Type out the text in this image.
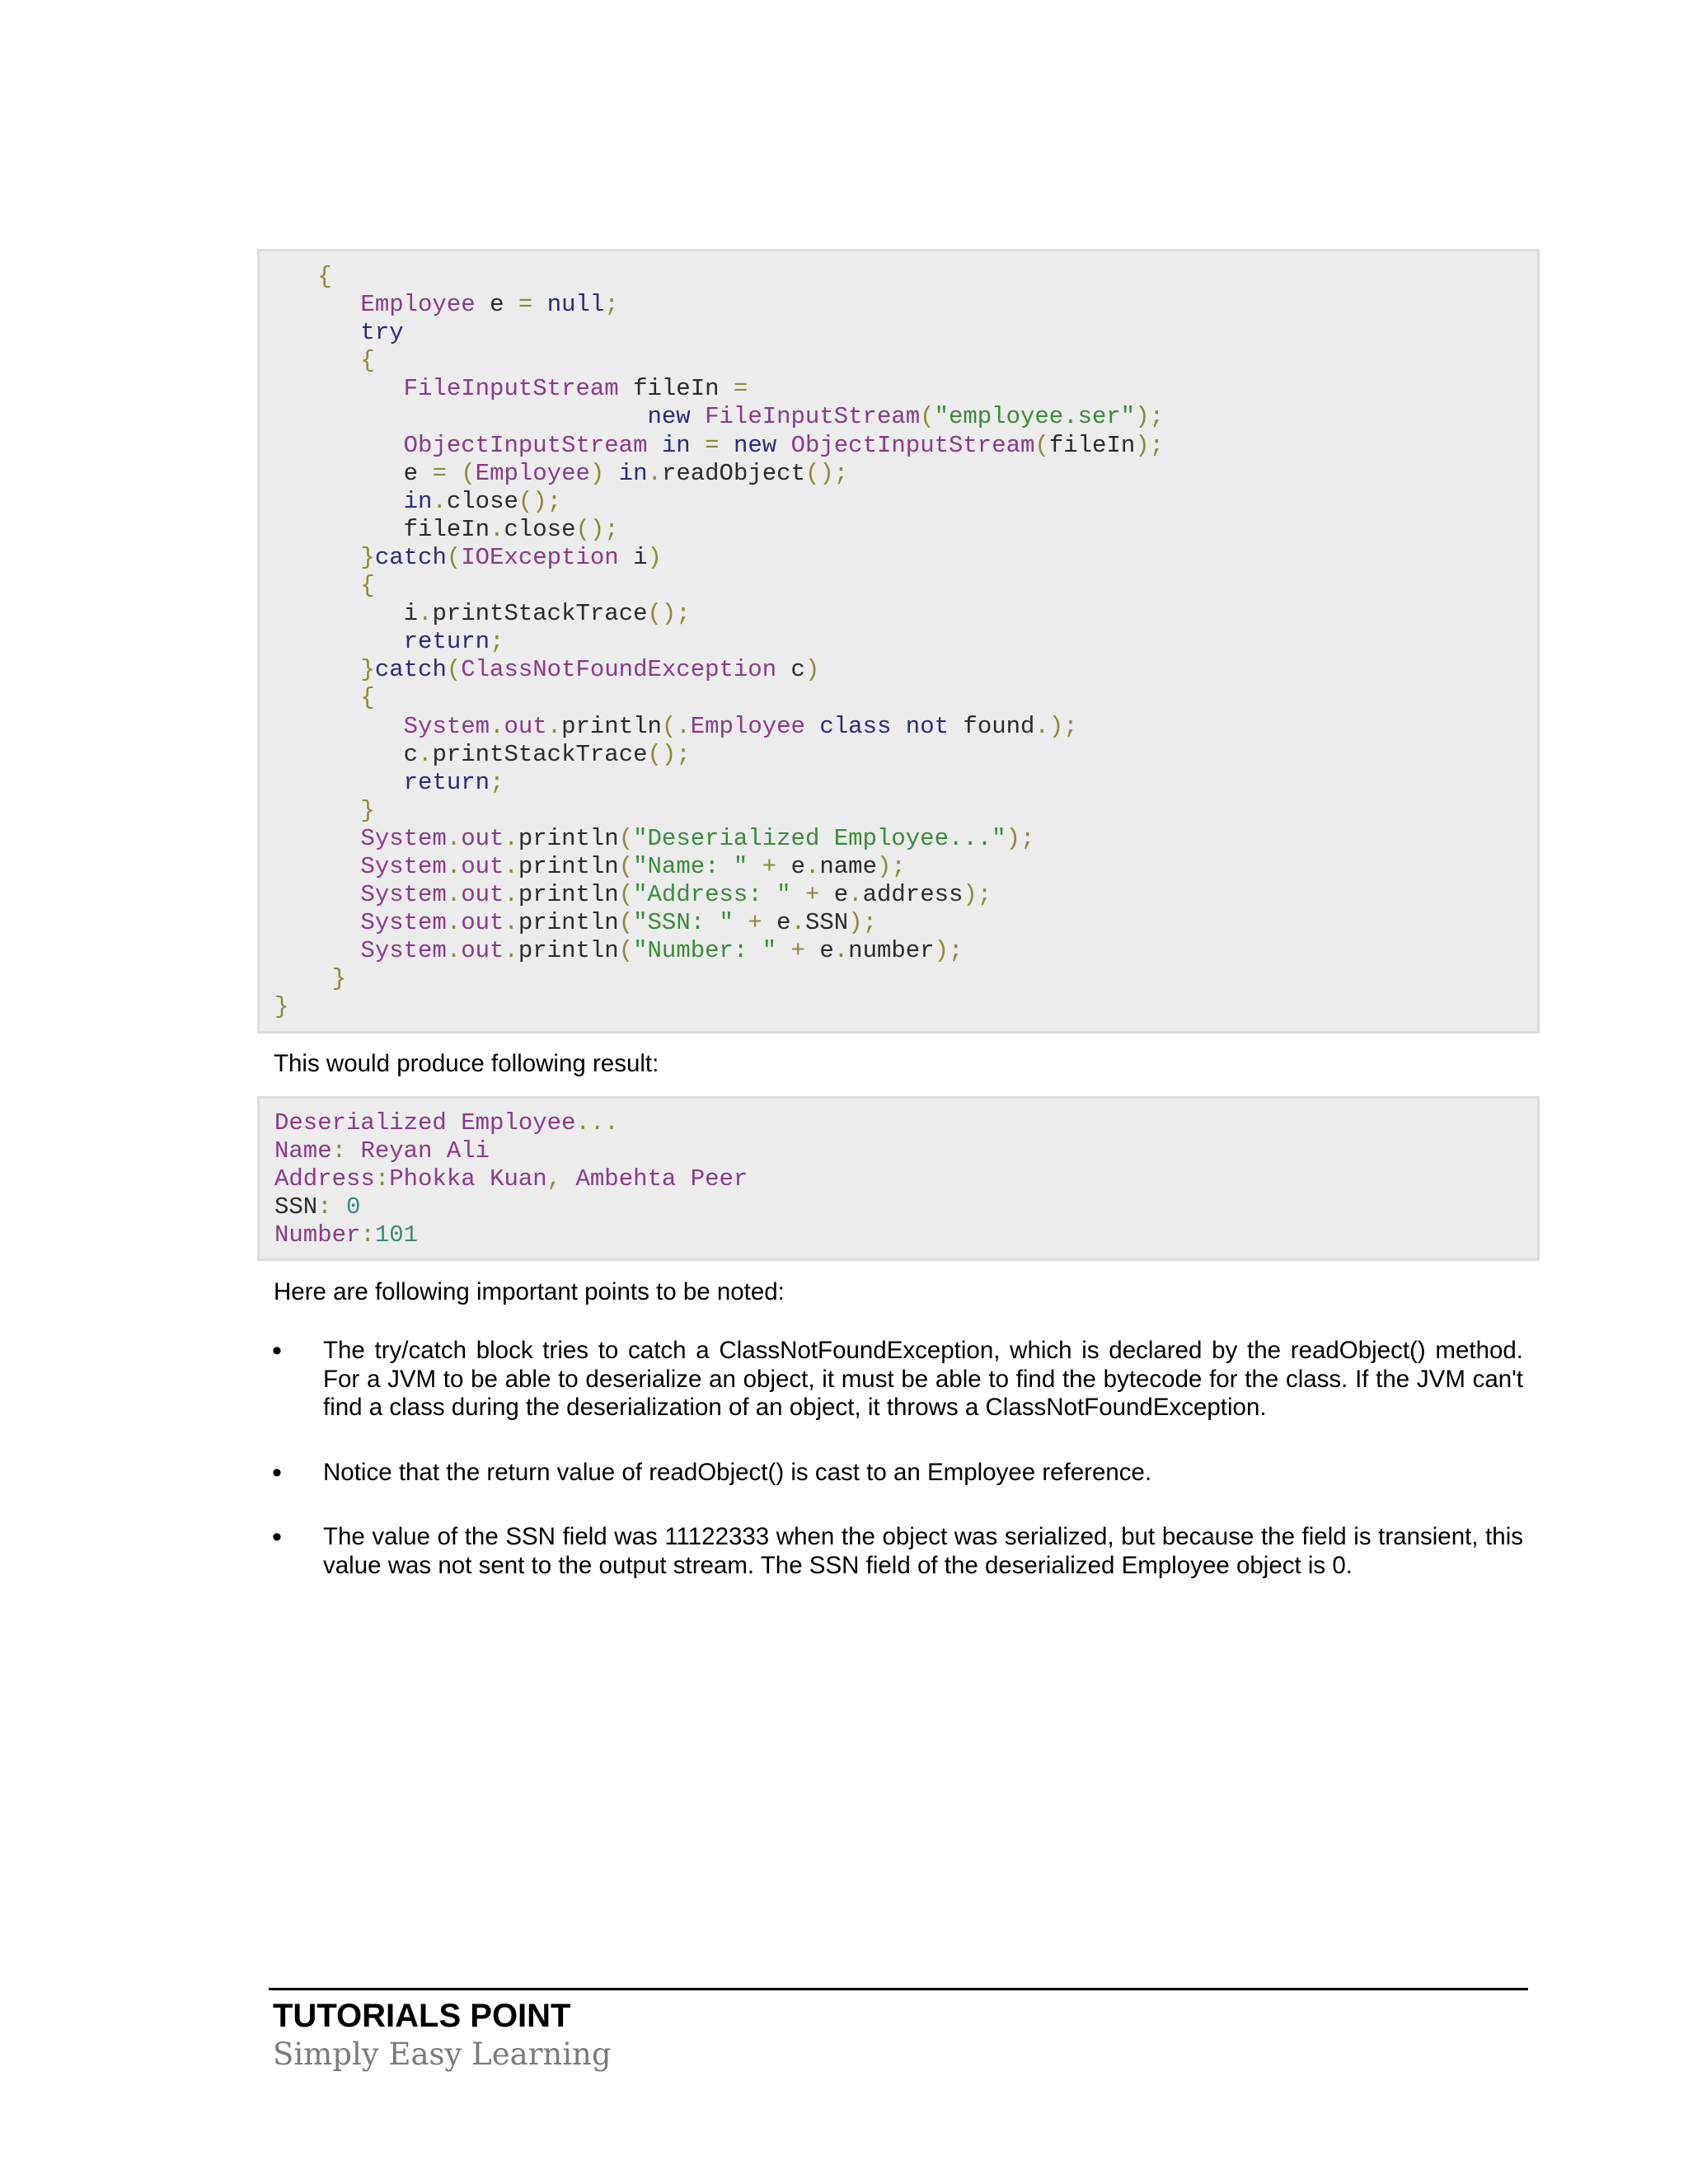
{
Employee e = null;
try
{
FileInputStream fileIn =
new FileInputStream("employee.ser");
ObjectInputStream in = new ObjectInputStream(fileIn);
e = (Employee) in.readObject();
in.close();
fileIn.close();
}catch(IOException i)
{
i.printStackTrace();
return;
}catch(ClassNotFoundException c)
{
System.out.println(.Employee class not found.);
c.printStackTrace();
return;
}
System.out.println("Deserialized Employee...");
System.out.println("Name: " + e.name);
System.out.println("Address: " + e.address);
System.out.println("SSN: " + e.SSN);
System.out.println("Number: " + e.number);
}
}

This would produce following result:

Deserialized Employee...
Name: Reyan Ali
Address:Phokka Kuan, Ambehta Peer
SSN: 0
Number:101

Here are following important points to be noted:

• The try/catch block tries to catch a ClassNotFoundException, which is declared by the readObject() method. For a JVM to be able to deserialize an object, it must be able to find the bytecode for the class. If the JVM can't find a class during the deserialization of an object, it throws a ClassNotFoundException.
• Notice that the return value of readObject() is cast to an Employee reference.
• The value of the SSN field was 11122333 when the object was serialized, but because the field is transient, this value was not sent to the output stream. The SSN field of the deserialized Employee object is 0.

TUTORIALS POINT

Simply Easy Learning
